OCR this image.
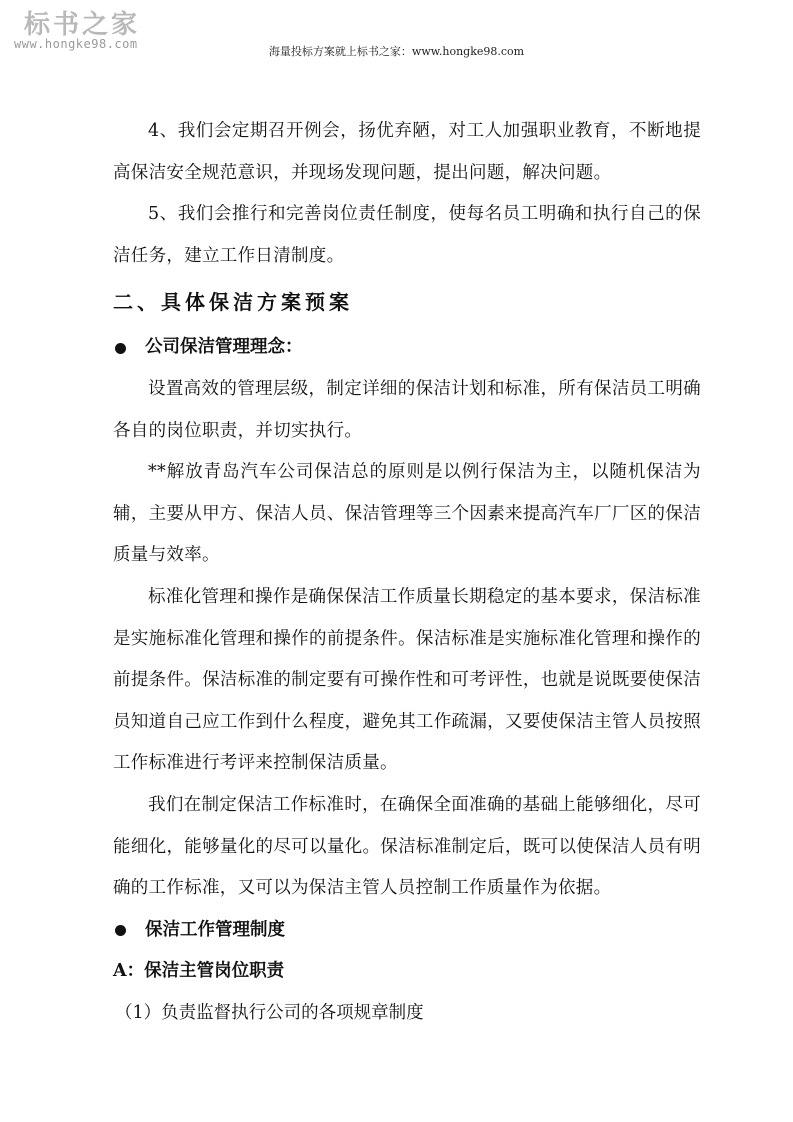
标书之家
www.hongke98.com
海量投标方案就上标书之家：www.hongke98.com

4、我们会定期召开例会，扬优弃陋，对工人加强职业教育，不断地提高保洁安全规范意识，并现场发现问题，提出问题，解决问题。

5、我们会推行和完善岗位责任制度，使每名员工明确和执行自己的保洁任务，建立工作日清制度。

二、具体保洁方案预案

公司保洁管理理念：

设置高效的管理层级，制定详细的保洁计划和标准，所有保洁员工明确各自的岗位职责，并切实执行。

**解放青岛汽车公司保洁总的原则是以例行保洁为主，以随机保洁为辅，主要从甲方、保洁人员、保洁管理等三个因素来提高汽车厂厂区的保洁质量与效率。

标准化管理和操作是确保保洁工作质量长期稳定的基本要求，保洁标准是实施标准化管理和操作的前提条件。保洁标准是实施标准化管理和操作的前提条件。保洁标准的制定要有可操作性和可考评性，也就是说既要使保洁员知道自己应工作到什么程度，避免其工作疏漏，又要使保洁主管人员按照工作标准进行考评来控制保洁质量。

我们在制定保洁工作标准时，在确保全面准确的基础上能够细化，尽可能细化，能够量化的尽可以量化。保洁标准制定后，既可以使保洁人员有明确的工作标准，又可以为保洁主管人员控制工作质量作为依据。

保洁工作管理制度

A：保洁主管岗位职责

（1）负责监督执行公司的各项规章制度
